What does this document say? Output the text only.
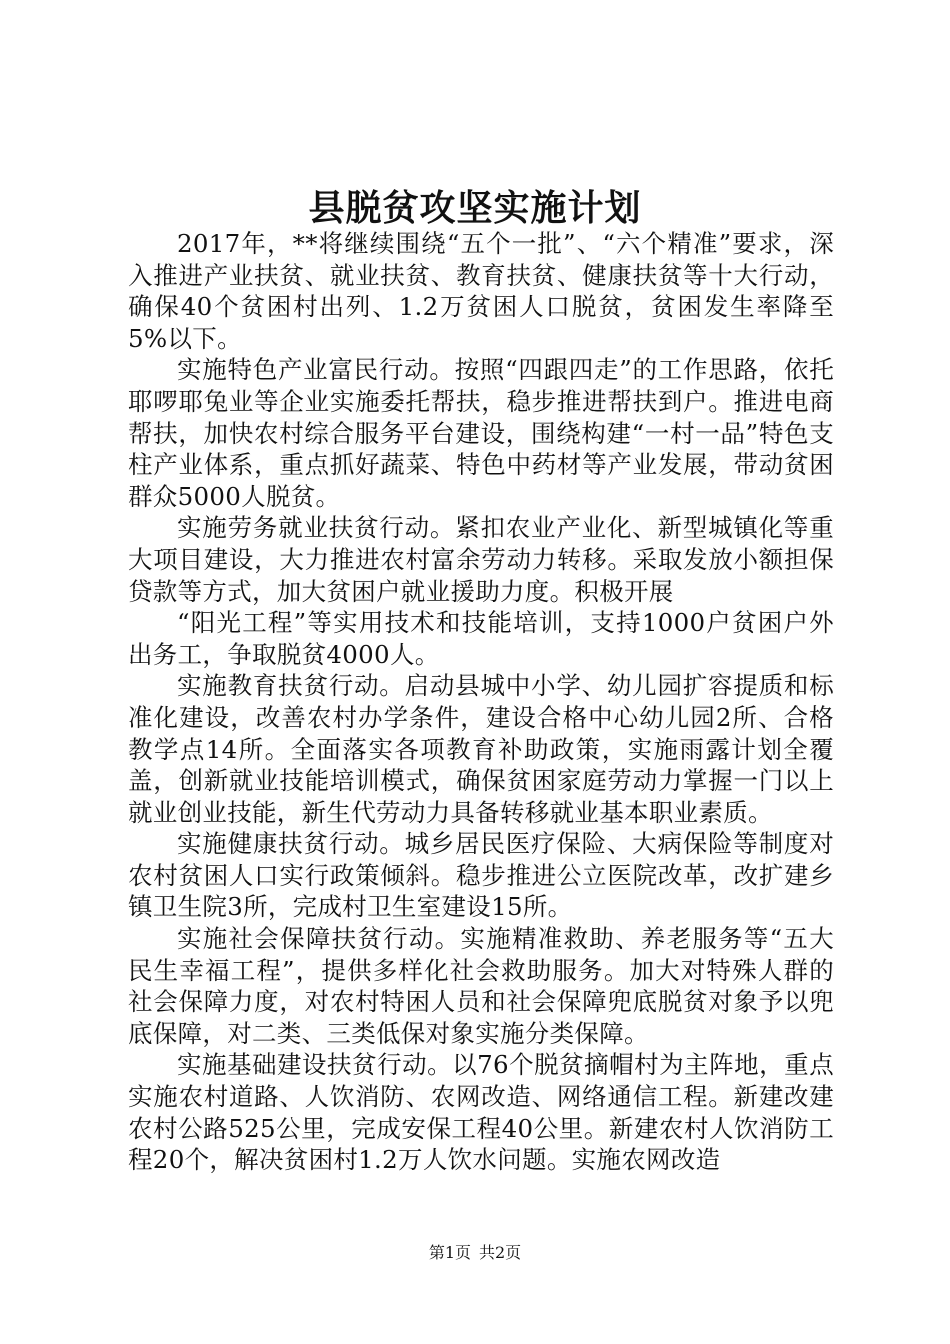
县脱贫攻坚实施计划

2017年，**将继续围绕“五个一批”、“六个精准”要求，深入推进产业扶贫、就业扶贫、教育扶贫、健康扶贫等十大行动，确保40个贫困村出列、1.2万贫困人口脱贫，贫困发生率降至5%以下。

实施特色产业富民行动。按照“四跟四走”的工作思路，依托耶啰耶兔业等企业实施委托帮扶，稳步推进帮扶到户。推进电商帮扶，加快农村综合服务平台建设，围绕构建“一村一品”特色支柱产业体系，重点抓好蔬菜、特色中药材等产业发展，带动贫困群众5000人脱贫。

实施劳务就业扶贫行动。紧扣农业产业化、新型城镇化等重大项目建设，大力推进农村富余劳动力转移。采取发放小额担保贷款等方式，加大贫困户就业援助力度。积极开展

“阳光工程”等实用技术和技能培训，支持1000户贫困户外出务工，争取脱贫4000人。

实施教育扶贫行动。启动县城中小学、幼儿园扩容提质和标准化建设，改善农村办学条件，建设合格中心幼儿园2所、合格教学点14所。全面落实各项教育补助政策，实施雨露计划全覆盖，创新就业技能培训模式，确保贫困家庭劳动力掌握一门以上就业创业技能，新生代劳动力具备转移就业基本职业素质。

实施健康扶贫行动。城乡居民医疗保险、大病保险等制度对农村贫困人口实行政策倾斜。稳步推进公立医院改革，改扩建乡镇卫生院3所，完成村卫生室建设15所。

实施社会保障扶贫行动。实施精准救助、养老服务等“五大民生幸福工程”，提供多样化社会救助服务。加大对特殊人群的社会保障力度，对农村特困人员和社会保障兜底脱贫对象予以兜底保障，对二类、三类低保对象实施分类保障。

实施基础建设扶贫行动。以76个脱贫摘帽村为主阵地，重点实施农村道路、人饮消防、农网改造、网络通信工程。新建改建农村公路525公里，完成安保工程40公里。新建农村人饮消防工程20个，解决贫困村1.2万人饮水问题。实施农网改造

第1页 共2页
